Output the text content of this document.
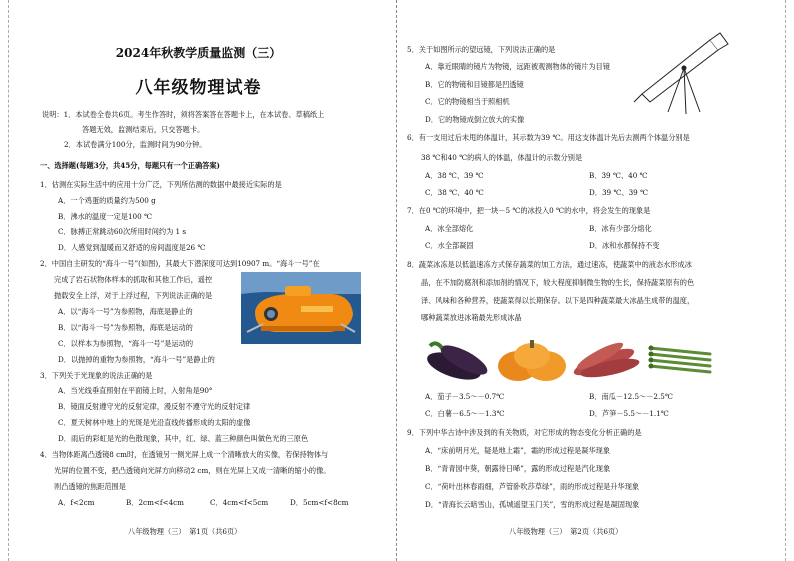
2024年秋教学质量监测（三）
八年级物理试卷
说明：1．本试卷全卷共6页。考生作答时，须将答案答在答题卡上，在本试卷、草稿纸上
答题无效，监测结束后，只交答题卡。
2．本试卷满分100分，监测时间为90分钟。
一、选择题(每题3分，共45分，每题只有一个正确答案)
1．估测在实际生活中的应用十分广泛，下列所估测的数据中最接近实际的是
A．一个鸡蛋的质量约为500 g
B．沸水的温度一定是100 ℃
C．脉搏正常跳动60次所用时间约为 1 s
D．人感觉到温暖而又舒适的房间温度是26 ℃
2．中国自主研发的“海斗一号”(如图)，其最大下潜深度可达到10907 m。“海斗一号”在
完成了岩石状物体样本的抓取和其他工作后，遥控
抛载安全上浮，对于上浮过程，下列说法正确的是
A．以“海斗一号”为参照物，海底是静止的
B．以“海斗一号”为参照物，海底是运动的
C．以样本为参照物，“海斗一号”是运动的
D．以抛掉的重物为参照物，“海斗一号”是静止的
3．下列关于光现象的说法正确的是
A．当光线垂直照射在平面镜上时，入射角是90°
B．镜面反射遵守光的反射定律，漫反射不遵守光的反射定律
C．夏天树林中地上的光斑是光沿直线传播形成的太阳的虚像
D．雨后的彩虹是光的色散现象，其中，红、绿、蓝三种颜色叫做色光的三原色
4．当物体距离凸透镜8 cm时，在透镜另一侧光屏上成一个清晰放大的实像，若保持物体与
光屏的位置不变，把凸透镜向光屏方向移动2 cm，则在光屏上又成一清晰的缩小的像。
则凸透镜的焦距范围是
A．f<2cm	B．2cm<f<4cm	C．4cm<f<5cm	D．5cm<f<8cm
八年级物理（三）　第1页（共6页）
5．关于如图所示的望远镜，下列说法正确的是
A．靠近眼睛的镜片为物镜，远距被观测物体的镜片为目镜
B．它的物镜和目镜都是凹透镜
C．它的物镜相当于照相机
D．它的物镜成倒立放大的实像
6．有一支用过后未甩的体温计，其示数为39 ℃。用这支体温计先后去测两个体温分别是
38 ℃和40 ℃的病人的体温，体温计的示数分别是
A．38 ℃、39 ℃	B．39 ℃、40 ℃
C．38 ℃、40 ℃	D．39 ℃、39 ℃
7．在0 ℃的环境中，把一块－5 ℃的冰投入0 ℃的水中，将会发生的现象是
A．冰全部熔化	B．冰有少部分熔化
C．水全部凝固	D．冰和水都保持不变
8．蔬菜冰冻是以低温速冻方式保存蔬菜的加工方法，通过速冻，使蔬菜中的液态水形成冰
晶，在不加防腐剂和添加剂的情况下，较大程度抑制微生物的生长，保持蔬菜原有的色
泽、风味和各种营养，使蔬菜得以长期保存。以下是四种蔬菜最大冰晶生成带的温度，
哪种蔬菜放进冰箱最先形成冰晶
A．茄子－3.5～－0.7℃	B．南瓜－12.5～－2.5℃
C．白薯－6.5～－1.3℃	D．芦笋－5.5～－1.1℃
9．下列中华古诗中涉及到的有关物质，对它形成的物态变化分析正确的是
A．“床前明月光，疑是地上霜”，霜的形成过程是凝华现象
B．“青青园中葵，朝露待日晞”，露的形成过程是汽化现象
C．“荷叶出林春雨细，芦管卧吹莎草绿”，雨的形成过程是升华现象
D．“青海长云暗雪山，孤城遥望玉门关”，雪的形成过程是凝固现象
八年级物理（三）　第2页（共6页）
